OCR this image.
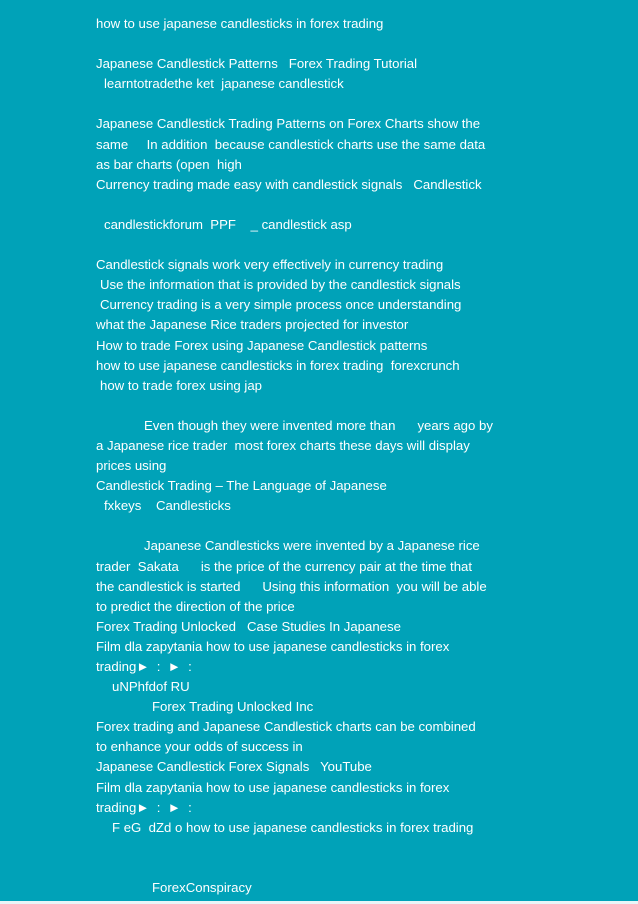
how to use japanese candlesticks in forex trading
Japanese Candlestick Patterns   Forex Trading Tutorial
learntotradethe ket  japanese candlestick
Japanese Candlestick Trading Patterns on Forex Charts show the
same     In addition  because candlestick charts use the same data
as bar charts (open  high
Currency trading made easy with candlestick signals   Candlestick
candlestickforum  PPF    _ candlestick asp
Candlestick signals work very effectively in currency trading
Use the information that is provided by the candlestick signals
Currency trading is a very simple process once understanding
what the Japanese Rice traders projected for investor
How to trade Forex using Japanese Candlestick patterns
how to use japanese candlesticks in forex trading  forexcrunch
how to trade forex using jap
Even though they were invented more than      years ago by
a Japanese rice trader  most forex charts these days will display
prices using
Candlestick Trading – The Language of Japanese
fxkeys    Candlesticks
Japanese Candlesticks were invented by a Japanese rice
trader  Sakata      is the price of the currency pair at the time that
the candlestick is started      Using this information  you will be able
to predict the direction of the price
Forex Trading Unlocked   Case Studies In Japanese
Film dla zapytania how to use japanese candlesticks in forex
trading►  :  ►  :
uNPhfdof RU
Forex Trading Unlocked Inc
Forex trading and Japanese Candlestick charts can be combined
to enhance your odds of success in
Japanese Candlestick Forex Signals   YouTube
Film dla zapytania how to use japanese candlesticks in forex
trading►  :  ►  :
F eG  dZd o how to use japanese candlesticks in forex trading
ForexConspiracy
